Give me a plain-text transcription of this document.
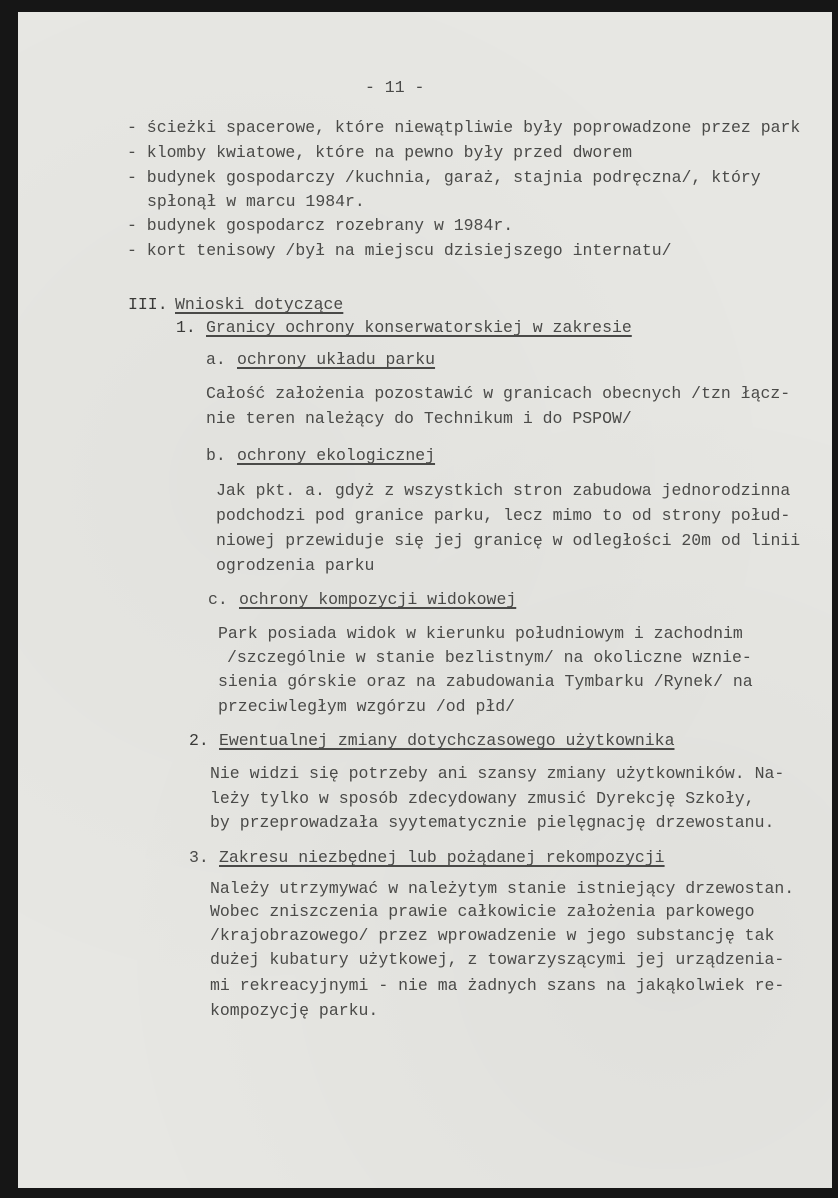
- 11 -
- ścieżki spacerowe, które niewątpliwie były poprowadzone przez park
- klomby kwiatowe, które na pewno były przed dworem
- budynek gospodarczy /kuchnia, garaż, stajnia podręczna/, który
spłonął w marcu 1984r.
- budynek gospodarcz rozebrany w 1984r.
- kort tenisowy /był na miejscu dzisiejszego internatu/
III. Wnioski dotyczące
1. Granicy ochrony konserwatorskiej w zakresie
a. ochrony układu parku
Całość założenia pozostawić w granicach obecnych /tzn łącz-
nie teren należący do Technikum i do PSPOW/
b. ochrony ekologicznej
Jak pkt. a. gdyż z wszystkich stron zabudowa jednorodzinna
podchodzi pod granice parku, lecz mimo to od strony połud-
niowej przewiduje się jej granicę w odległości 20m od linii
ogrodzenia parku
c. ochrony kompozycji widokowej
Park posiada widok w kierunku południowym i zachodnim
/szczególnie w stanie bezlistnym/ na okoliczne wznie-
sienia górskie oraz na zabudowania Tymbarku /Rynek/ na
przeciwległym wzgórzu /od płd/
2. Ewentualnej zmiany dotychczasowego użytkownika
Nie widzi się potrzeby ani szansy zmiany użytkowników. Na-
leży tylko w sposób zdecydowany zmusić Dyrekcję Szkoły,
by przeprowadzała syytematycznie pielęgnację drzewostanu.
3. Zakresu niezbędnej lub pożądanej rekompozycji
Należy utrzymywać w należytym stanie istniejący drzewostan.
Wobec zniszczenia prawie całkowicie założenia parkowego
/krajobrazowego/ przez wprowadzenie w jego substancję tak
dużej kubatury użytkowej, z towarzyszącymi jej urządzenia-
mi rekreacyjnymi - nie ma żadnych szans na jakąkolwiek re-
kompozycję parku.
